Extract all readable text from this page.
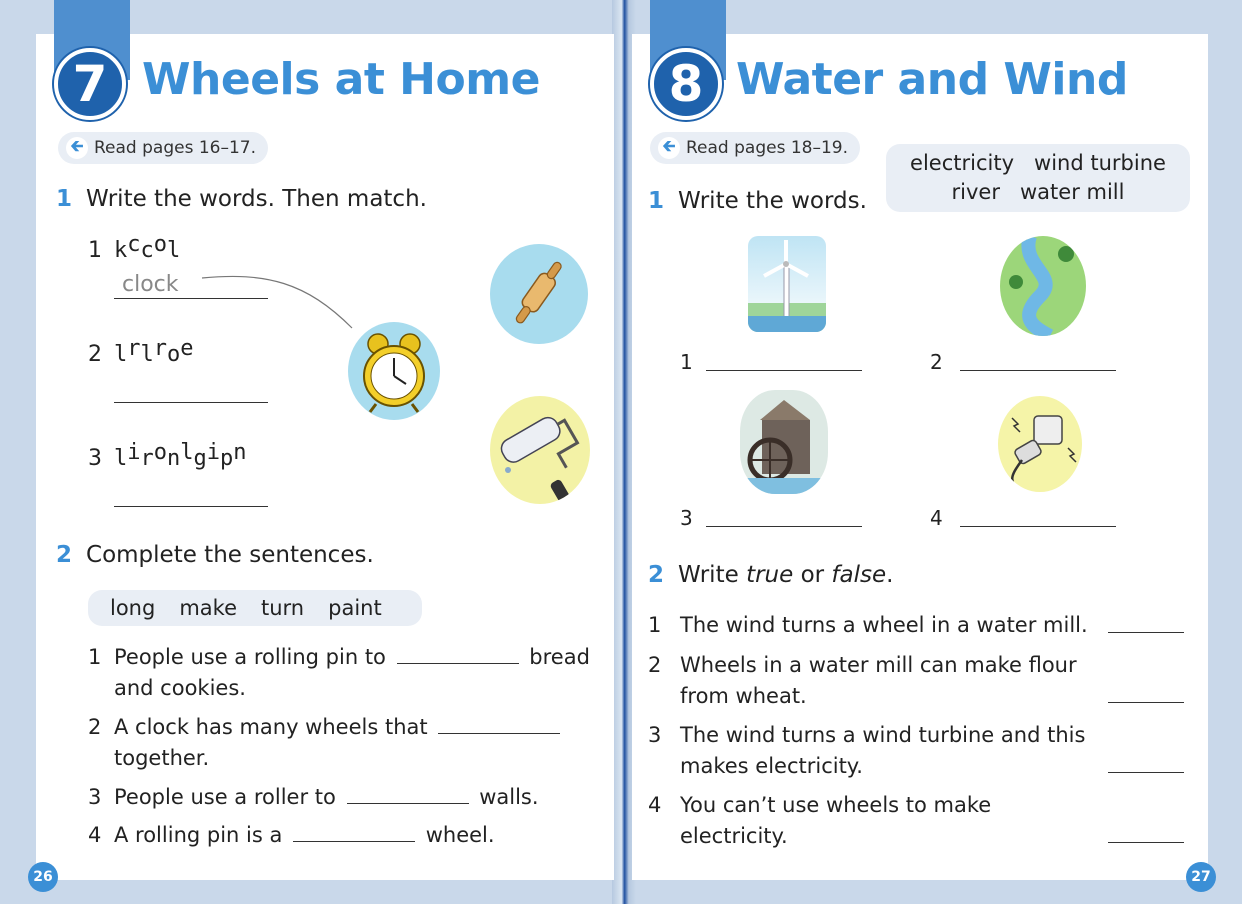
7 Wheels at Home
🡰 Read pages 16–17.
1 Write the words. Then match.
1 kccol
clock
2 lrlroe
3 lironlgipn
2 Complete the sentences.
long make turn paint
1 People use a rolling pin to	bread
and cookies.
2 A clock has many wheels that
together.
3 People use a roller to	walls.
4 A rolling pin is a	wheel.
26
8 Water and Wind
🡰 Read pages 18–19.
electricity   wind turbine
river   water mill
1 Write the words.
1	2
3	4
2 Write true or false.
1 The wind turns a wheel in a water mill.
2 Wheels in a water mill can make flour
from wheat.
3 The wind turns a wind turbine and this
makes electricity.
4 You can’t use wheels to make
electricity.
27
